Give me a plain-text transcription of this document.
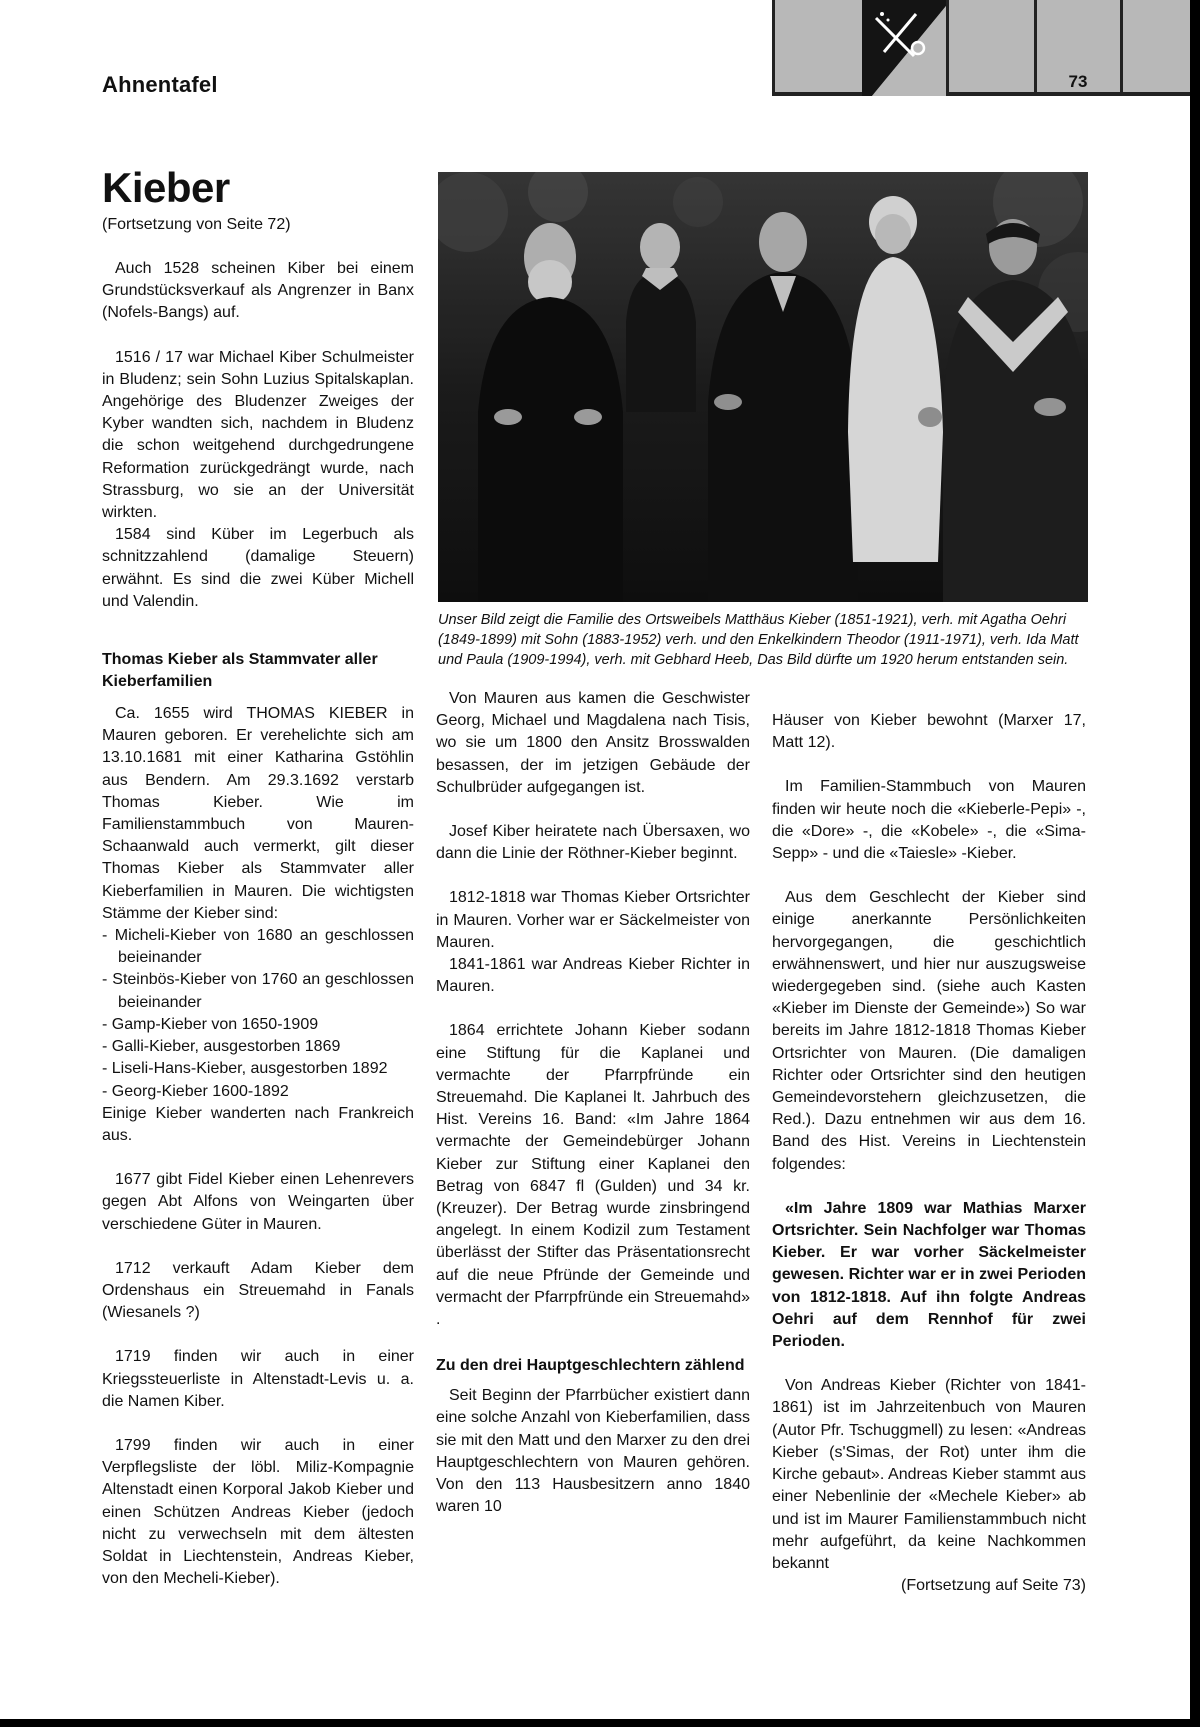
Ahnentafel	73
Kieber
(Fortsetzung von Seite 72)

Auch 1528 scheinen Kiber bei einem Grundstücksverkauf als Angrenzer in Banx (Nofels-Bangs) auf.

1516 / 17 war Michael Kiber Schulmeister in Bludenz; sein Sohn Luzius Spitalskaplan. Angehörige des Bludenzer Zweiges der Kyber wandten sich, nachdem in Bludenz die schon weitgehend durchgedrungene Reformation zurückgedrängt wurde, nach Strassburg, wo sie an der Universität wirkten.

1584 sind Küber im Legerbuch als schnitzzahlend (damalige Steuern) erwähnt. Es sind die zwei Küber Michell und Valendin.

Thomas Kieber als Stammvater aller Kieberfamilien

Ca. 1655 wird THOMAS KIEBER in Mauren geboren. Er verehelichte sich am 13.10.1681 mit einer Katharina Gstöhlin aus Bendern. Am 29.3.1692 verstarb Thomas Kieber. Wie im Familienstammbuch von Mauren-Schaanwald auch vermerkt, gilt dieser Thomas Kieber als Stammvater aller Kieberfamilien in Mauren. Die wichtigsten Stämme der Kieber sind:

- Micheli-Kieber von 1680 an geschlossen beieinander
- Steinbös-Kieber von 1760 an geschlossen beieinander
- Gamp-Kieber von 1650-1909
- Galli-Kieber, ausgestorben 1869
- Liseli-Hans-Kieber, ausgestorben 1892
- Georg-Kieber 1600-1892

Einige Kieber wanderten nach Frankreich aus.

1677 gibt Fidel Kieber einen Lehenrevers gegen Abt Alfons von Weingarten über verschiedene Güter in Mauren.

1712 verkauft Adam Kieber dem Ordenshaus ein Streuemahd in Fanals (Wiesanels ?)

1719 finden wir auch in einer Kriegssteuerliste in Altenstadt-Levis u. a. die Namen Kiber.

1799 finden wir auch in einer Verpflegsliste der löbl. Miliz-Kompagnie Altenstadt einen Korporal Jakob Kieber und einen Schützen Andreas Kieber (jedoch nicht zu verwechseln mit dem ältesten Soldat in Liechtenstein, Andreas Kieber, von den Mecheli-Kieber).

Unser Bild zeigt die Familie des Ortsweibels Matthäus Kieber (1851-1921), verh. mit Agatha Oehri (1849-1899) mit Sohn (1883-1952) verh. und den Enkelkindern Theodor (1911-1971), verh. Ida Matt und Paula (1909-1994), verh. mit Gebhard Heeb, Das Bild dürfte um 1920 herum entstanden sein.

Von Mauren aus kamen die Geschwister Georg, Michael und Magdalena nach Tisis, wo sie um 1800 den Ansitz Brosswalden besassen, der im jetzigen Gebäude der Schulbrüder aufgegangen ist.

Josef Kiber heiratete nach Übersaxen, wo dann die Linie der Röthner-Kieber beginnt.

1812-1818 war Thomas Kieber Ortsrichter in Mauren. Vorher war er Säckelmeister von Mauren.

1841-1861 war Andreas Kieber Richter in Mauren.

1864 errichtete Johann Kieber sodann eine Stiftung für die Kaplanei und vermachte der Pfarrpfründe ein Streuemahd. Die Kaplanei lt. Jahrbuch des Hist. Vereins 16. Band: «Im Jahre 1864 vermachte der Gemeindebürger Johann Kieber zur Stiftung einer Kaplanei den Betrag von 6847 fl (Gulden) und 34 kr. (Kreuzer). Der Betrag wurde zinsbringend angelegt. In einem Kodizil zum Testament überlässt der Stifter das Präsentationsrecht auf die neue Pfründe der Gemeinde und vermacht der Pfarrpfründe ein Streuemahd» .

Zu den drei Hauptgeschlechtern zählend

Seit Beginn der Pfarrbücher existiert dann eine solche Anzahl von Kieberfamilien, dass sie mit den Matt und den Marxer zu den drei Hauptgeschlechtern von Mauren gehören. Von den 113 Hausbesitzern anno 1840 waren 10

Häuser von Kieber bewohnt (Marxer 17, Matt 12).

Im Familien-Stammbuch von Mauren finden wir heute noch die «Kieberle-Pepi» -, die «Dore» -, die «Kobele» -, die «Sima-Sepp» - und die «Taiesle» -Kieber.

Aus dem Geschlecht der Kieber sind einige anerkannte Persönlichkeiten hervorgegangen, die geschichtlich erwähnenswert, und hier nur auszugsweise wiedergegeben sind. (siehe auch Kasten «Kieber im Dienste der Gemeinde») So war bereits im Jahre 1812-1818 Thomas Kieber Ortsrichter von Mauren. (Die damaligen Richter oder Ortsrichter sind den heutigen Gemeindevorstehern gleichzusetzen, die Red.). Dazu entnehmen wir aus dem 16. Band des Hist. Vereins in Liechtenstein folgendes:

«Im Jahre 1809 war Mathias Marxer Ortsrichter. Sein Nachfolger war Thomas Kieber. Er war vorher Säckelmeister gewesen. Richter war er in zwei Perioden von 1812-1818. Auf ihn folgte Andreas Oehri auf dem Rennhof für zwei Perioden.

Von Andreas Kieber (Richter von 1841-1861) ist im Jahrzeitenbuch von Mauren (Autor Pfr. Tschuggmell) zu lesen: «Andreas Kieber (s'Simas, der Rot) unter ihm die Kirche gebaut». Andreas Kieber stammt aus einer Nebenlinie der «Mechele Kieber» ab und ist im Maurer Familienstammbuch nicht mehr aufgeführt, da keine Nachkommen bekannt

(Fortsetzung auf Seite 73)
